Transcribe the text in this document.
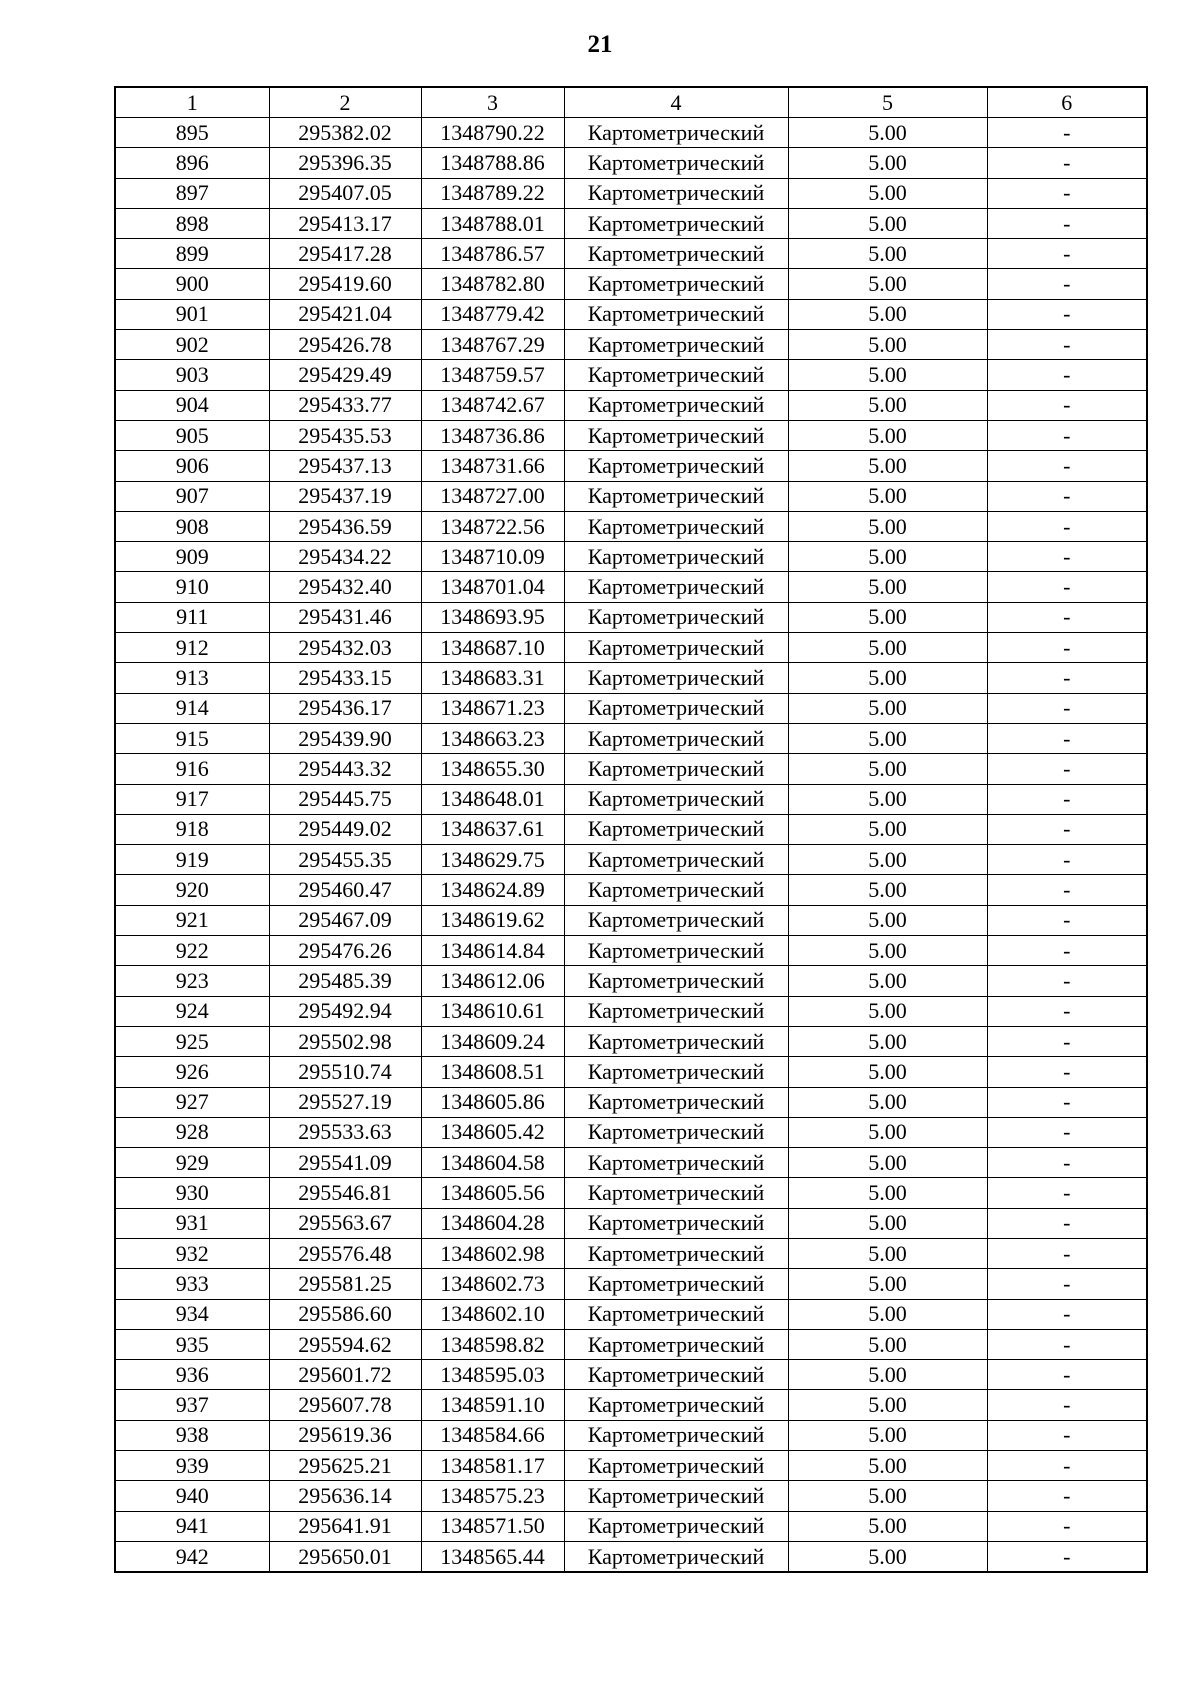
21
1	2	3	4	5	6
895	295382.02	1348790.22	Картометрический	5.00	-
896	295396.35	1348788.86	Картометрический	5.00	-
897	295407.05	1348789.22	Картометрический	5.00	-
898	295413.17	1348788.01	Картометрический	5.00	-
899	295417.28	1348786.57	Картометрический	5.00	-
900	295419.60	1348782.80	Картометрический	5.00	-
901	295421.04	1348779.42	Картометрический	5.00	-
902	295426.78	1348767.29	Картометрический	5.00	-
903	295429.49	1348759.57	Картометрический	5.00	-
904	295433.77	1348742.67	Картометрический	5.00	-
905	295435.53	1348736.86	Картометрический	5.00	-
906	295437.13	1348731.66	Картометрический	5.00	-
907	295437.19	1348727.00	Картометрический	5.00	-
908	295436.59	1348722.56	Картометрический	5.00	-
909	295434.22	1348710.09	Картометрический	5.00	-
910	295432.40	1348701.04	Картометрический	5.00	-
911	295431.46	1348693.95	Картометрический	5.00	-
912	295432.03	1348687.10	Картометрический	5.00	-
913	295433.15	1348683.31	Картометрический	5.00	-
914	295436.17	1348671.23	Картометрический	5.00	-
915	295439.90	1348663.23	Картометрический	5.00	-
916	295443.32	1348655.30	Картометрический	5.00	-
917	295445.75	1348648.01	Картометрический	5.00	-
918	295449.02	1348637.61	Картометрический	5.00	-
919	295455.35	1348629.75	Картометрический	5.00	-
920	295460.47	1348624.89	Картометрический	5.00	-
921	295467.09	1348619.62	Картометрический	5.00	-
922	295476.26	1348614.84	Картометрический	5.00	-
923	295485.39	1348612.06	Картометрический	5.00	-
924	295492.94	1348610.61	Картометрический	5.00	-
925	295502.98	1348609.24	Картометрический	5.00	-
926	295510.74	1348608.51	Картометрический	5.00	-
927	295527.19	1348605.86	Картометрический	5.00	-
928	295533.63	1348605.42	Картометрический	5.00	-
929	295541.09	1348604.58	Картометрический	5.00	-
930	295546.81	1348605.56	Картометрический	5.00	-
931	295563.67	1348604.28	Картометрический	5.00	-
932	295576.48	1348602.98	Картометрический	5.00	-
933	295581.25	1348602.73	Картометрический	5.00	-
934	295586.60	1348602.10	Картометрический	5.00	-
935	295594.62	1348598.82	Картометрический	5.00	-
936	295601.72	1348595.03	Картометрический	5.00	-
937	295607.78	1348591.10	Картометрический	5.00	-
938	295619.36	1348584.66	Картометрический	5.00	-
939	295625.21	1348581.17	Картометрический	5.00	-
940	295636.14	1348575.23	Картометрический	5.00	-
941	295641.91	1348571.50	Картометрический	5.00	-
942	295650.01	1348565.44	Картометрический	5.00	-
